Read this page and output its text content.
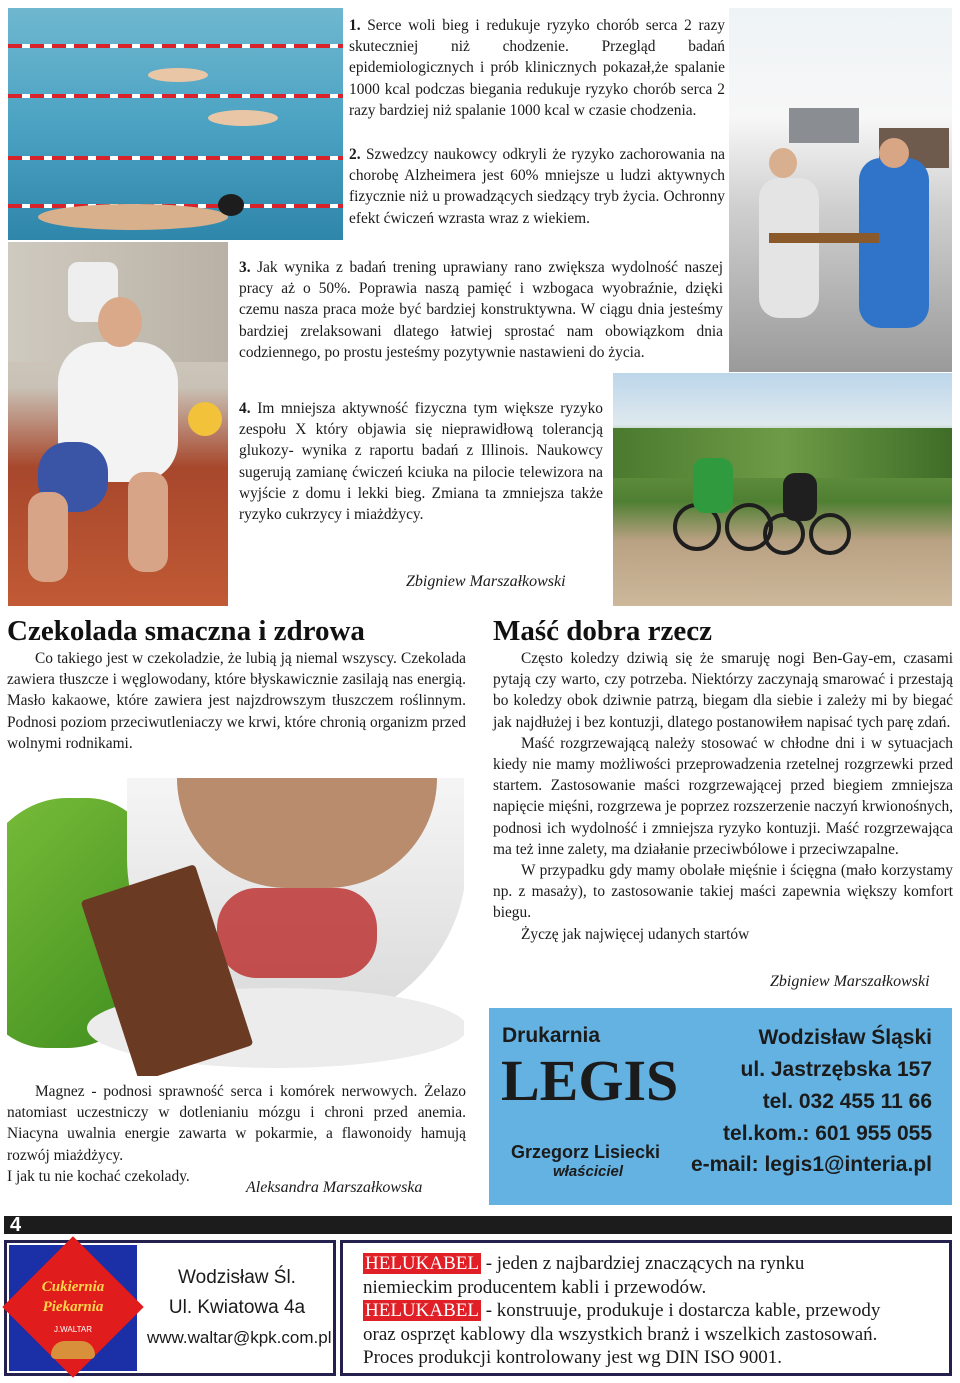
1. Serce woli bieg i redukuje ryzyko chorób serca 2 razy skuteczniej niż chodzenie. Przegląd badań epidemiologicznych i prób klinicznych pokazał,że spalanie 1000 kcal podczas biegania redukuje ryzyko chorób serca 2 razy bardziej niż spalanie 1000 kcal w czasie chodzenia.
2. Szwedzcy naukowcy odkryli że ryzyko zachorowania na chorobę Alzheimera jest 60% mniejsze u ludzi aktywnych fizycznie niż u prowadzących siedzący tryb życia. Ochronny efekt ćwiczeń wzrasta wraz z wiekiem.
3. Jak wynika z badań trening uprawiany rano zwiększa wydolność naszej pracy aż o 50%. Poprawia naszą pamięć i wzbogaca wyobraźnie, dzięki czemu nasza praca może być bardziej konstruktywna. W ciągu dnia jesteśmy bardziej zrelaksowani dlatego łatwiej sprostać nam obowiązkom dnia codziennego, po prostu jesteśmy pozytywnie nastawieni do życia.
4. Im mniejsza aktywność fizyczna tym większe ryzyko zespołu X który objawia się nieprawidłową tolerancją glukozy- wynika z raportu badań z Illinois. Naukowcy sugerują zamianę ćwiczeń kciuka na pilocie telewizora na wyjście z domu i lekki bieg. Zmiana ta zmniejsza także ryzyko cukrzycy i miażdżycy.
Zbigniew Marszałkowski
Czekolada smaczna i zdrowa

Co takiego jest w czekoladzie, że lubią ją niemal wszyscy. Czekolada zawiera tłuszcze i węglowodany, które błyskawicznie zasilają nas energią. Masło kakaowe, które zawiera jest najzdrowszym tłuszczem roślinnym. Podnosi poziom przeciwutleniaczy we krwi, które chronią organizm przed wolnymi rodnikami.

Magnez - podnosi sprawność serca i komórek nerwowych. Żelazo natomiast uczestniczy w dotlenianiu mózgu i chroni przed anemia. Niacyna uwalnia energie zawarta w pokarmie, a flawonoidy hamują rozwój miażdżycy.

I jak tu nie kochać czekolady.

Aleksandra Marszałkowska
Maść dobra rzecz

Często koledzy dziwią się że smaruję nogi Ben-Gay-em, czasami pytają czy warto, czy potrzeba. Niektórzy zaczynają smarować i przestają bo koledzy obok dziwnie patrzą, biegam dla siebie i zależy mi by biegać jak najdłużej i bez kontuzji, dlatego postanowiłem napisać tych parę zdań.

Maść rozgrzewającą należy stosować w chłodne dni i w sytuacjach kiedy nie mamy możliwości przeprowadzenia rzetelnej rozgrzewki przed startem. Zastosowanie maści rozgrzewającej przed biegiem zmniejsza napięcie mięśni, rozgrzewa je poprzez rozszerzenie naczyń krwionośnych, podnosi ich wydolność i zmniejsza ryzyko kontuzji. Maść rozgrzewająca ma też inne zalety, ma działanie przeciwbólowe i przeciwzapalne.

W przypadku gdy mamy obolałe mięśnie i ścięgna (mało korzystamy np. z masaży), to zastosowanie takiej maści zapewnia większy komfort biegu.

Życzę jak najwięcej udanych startów

Zbigniew Marszałkowski
Drukarnia
LEGIS
Grzegorz Lisiecki
właściciel
Wodzisław Śląski
ul. Jastrzębska 157
tel. 032 455 11 66
tel.kom.: 601 955 055
e-mail: legis1@interia.pl
4
Cukiernia
Piekarnia
J.WALTAR
Wodzisław Śl.
Ul. Kwiatowa 4a
www.waltar@kpk.com.pl
HELUKABEL - jeden z najbardziej znaczących na rynku
niemieckim producentem kabli i przewodów.
HELUKABEL - konstruuje, produkuje i dostarcza kable, przewody
oraz osprzęt kablowy dla wszystkich branż i wszelkich zastosowań.
Proces produkcji kontrolowany jest wg DIN ISO 9001.
